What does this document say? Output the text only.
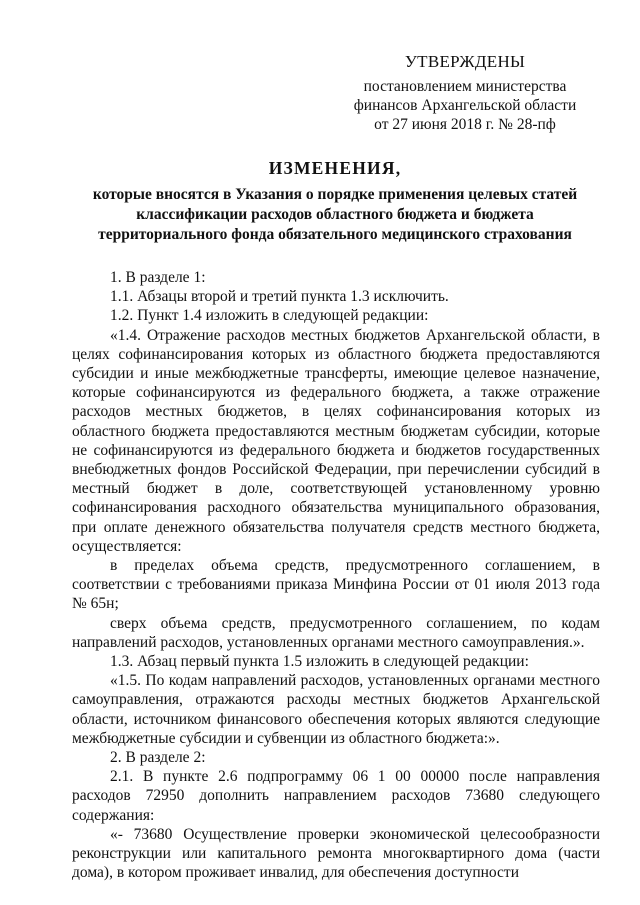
УТВЕРЖДЕНЫ
постановлением министерства
финансов Архангельской области
от 27 июня 2018 г. № 28-пф
ИЗМЕНЕНИЯ,
которые вносятся в Указания о порядке применения целевых статей
классификации расходов областного бюджета и бюджета
территориального фонда обязательного медицинского страхования

1. В разделе 1:

1.1. Абзацы второй и третий пункта 1.3 исключить.

1.2. Пункт 1.4 изложить в следующей редакции:

«1.4. Отражение расходов местных бюджетов Архангельской области, в целях софинансирования которых из областного бюджета предоставляются субсидии и иные межбюджетные трансферты, имеющие целевое назначение, которые софинансируются из федерального бюджета, а также отражение расходов местных бюджетов, в целях софинансирования которых из областного бюджета предоставляются местным бюджетам субсидии, которые не софинансируются из федерального бюджета и бюджетов государственных внебюджетных фондов Российской Федерации, при перечислении субсидий в местный бюджет в доле, соответствующей установленному уровню софинансирования расходного обязательства муниципального образования, при оплате денежного обязательства получателя средств местного бюджета, осуществляется:

в пределах объема средств, предусмотренного соглашением, в соответствии с требованиями приказа Минфина России от 01 июля 2013 года № 65н;

сверх объема средств, предусмотренного соглашением, по кодам направлений расходов, установленных органами местного самоуправления.».

1.3. Абзац первый пункта 1.5 изложить в следующей редакции:

«1.5. По кодам направлений расходов, установленных органами местного самоуправления, отражаются расходы местных бюджетов Архангельской области, источником финансового обеспечения которых являются следующие межбюджетные субсидии и субвенции из областного бюджета:».

2. В разделе 2:

2.1. В пункте 2.6 подпрограмму 06 1 00 00000 после направления расходов 72950 дополнить направлением расходов 73680 следующего содержания:

«- 73680 Осуществление проверки экономической целесообразности реконструкции или капитального ремонта многоквартирного дома (части дома), в котором проживает инвалид, для обеспечения доступности
